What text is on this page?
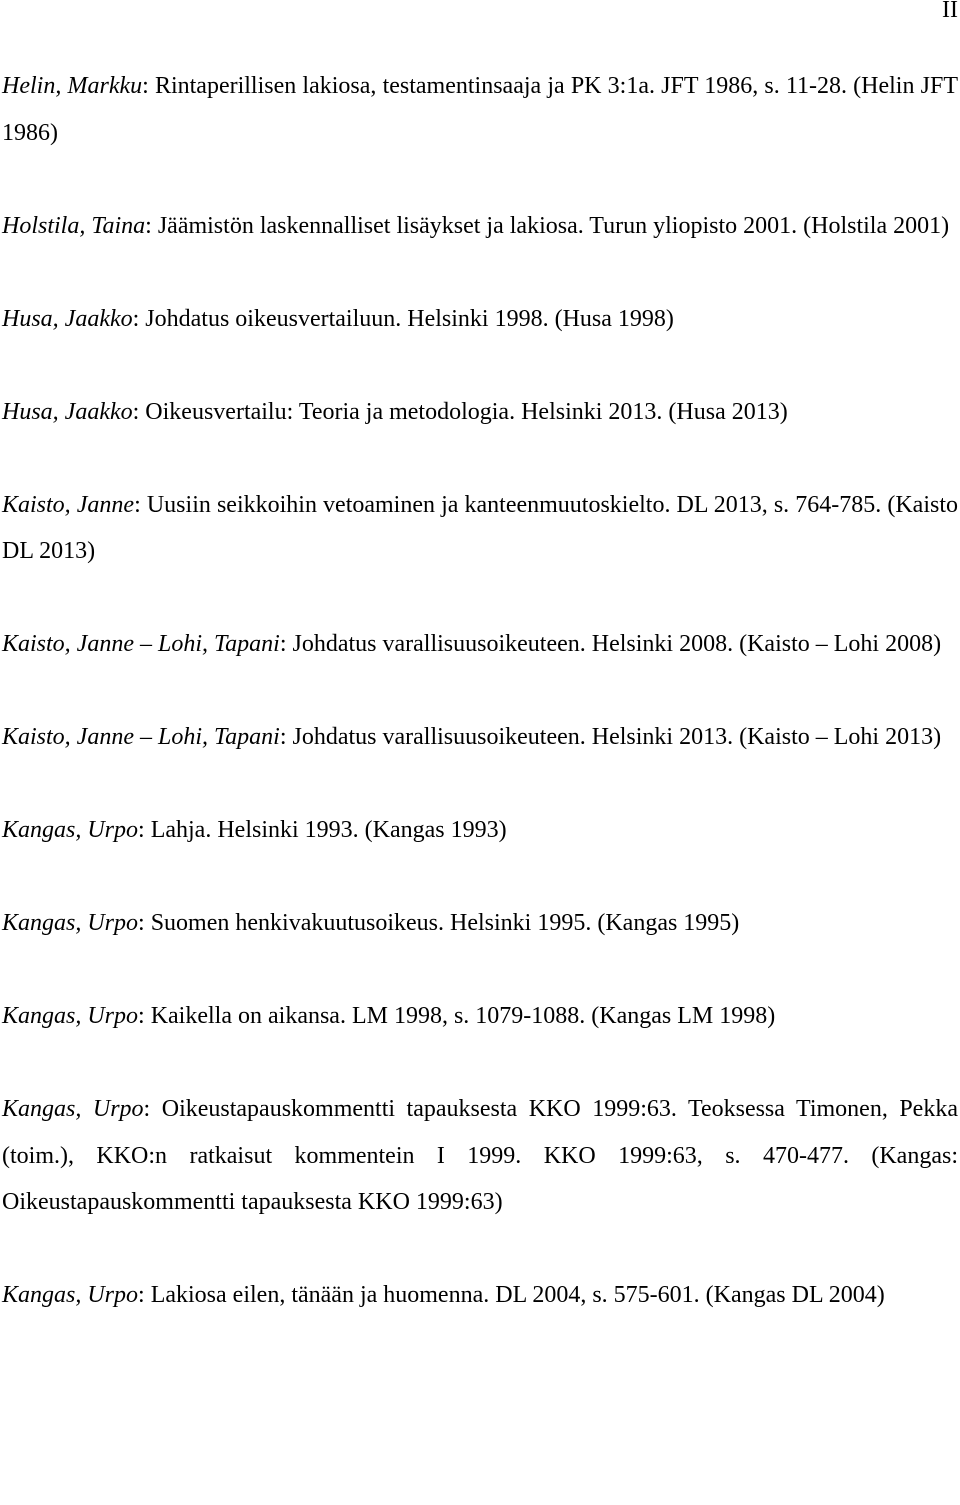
II
Helin, Markku: Rintaperillisen lakiosa, testamentinsaaja ja PK 3:1a. JFT 1986, s. 11-28. (Helin JFT 1986)
Holstila, Taina: Jäämistön laskennalliset lisäykset ja lakiosa. Turun yliopisto 2001. (Holstila 2001)
Husa, Jaakko: Johdatus oikeusvertailuun. Helsinki 1998. (Husa 1998)
Husa, Jaakko: Oikeusvertailu: Teoria ja metodologia. Helsinki 2013. (Husa 2013)
Kaisto, Janne: Uusiin seikkoihin vetoaminen ja kanteenmuutoskielto. DL 2013, s. 764-785. (Kaisto DL 2013)
Kaisto, Janne – Lohi, Tapani: Johdatus varallisuusoikeuteen. Helsinki 2008. (Kaisto – Lohi 2008)
Kaisto, Janne – Lohi, Tapani: Johdatus varallisuusoikeuteen. Helsinki 2013. (Kaisto – Lohi 2013)
Kangas, Urpo: Lahja. Helsinki 1993. (Kangas 1993)
Kangas, Urpo: Suomen henkivakuutusoikeus. Helsinki 1995. (Kangas 1995)
Kangas, Urpo: Kaikella on aikansa. LM 1998, s. 1079-1088. (Kangas LM 1998)
Kangas, Urpo: Oikeustapauskommentti tapauksesta KKO 1999:63. Teoksessa Timonen, Pekka (toim.), KKO:n ratkaisut kommentein I 1999. KKO 1999:63, s. 470-477. (Kangas: Oikeustapauskommentti tapauksesta KKO 1999:63)
Kangas, Urpo: Lakiosa eilen, tänään ja huomenna. DL 2004, s. 575-601. (Kangas DL 2004)
